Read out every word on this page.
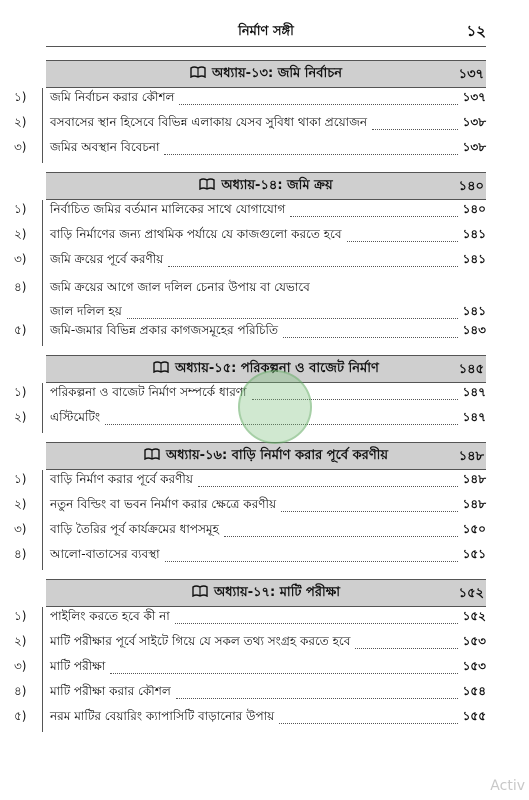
নির্মাণ সঙ্গী	১২
অধ্যায়-১৩: জমি নির্বাচন	১৩৭
১)	জমি নির্বাচন করার কৌশল	১৩৭
২)	বসবাসের স্থান হিসেবে বিভিন্ন এলাকায় যেসব সুবিধা থাকা প্রয়োজন	১৩৮
৩)	জমির অবস্থান বিবেচনা	১৩৮
অধ্যায়-১৪: জমি ক্রয়	১৪০
১)	নির্বাচিত জমির বর্তমান মালিকের সাথে যোগাযোগ	১৪০
২)	বাড়ি নির্মাণের জন্য প্রাথমিক পর্যায়ে যে কাজগুলো করতে হবে	১৪১
৩)	জমি ক্রয়ের পূর্বে করণীয়	১৪১
৪)	জমি ক্রয়ের আগে জাল দলিল চেনার উপায় বা যেভাবে
জাল দলিল হয়	১৪১
৫)	জমি-জমার বিভিন্ন প্রকার কাগজসমূহের পরিচিতি	১৪৩
অধ্যায়-১৫: পরিকল্পনা ও বাজেট নির্মাণ	১৪৫
১)	পরিকল্পনা ও বাজেট নির্মাণ সম্পর্কে ধারণা	১৪৭
২)	এস্টিমেটিং	১৪৭
অধ্যায়-১৬: বাড়ি নির্মাণ করার পূর্বে করণীয়	১৪৮
১)	বাড়ি নির্মাণ করার পূর্বে করণীয়	১৪৮
২)	নতুন বিল্ডিং বা ভবন নির্মাণ করার ক্ষেত্রে করণীয়	১৪৮
৩)	বাড়ি তৈরির পূর্ব কার্যক্রমের ধাপসমূহ	১৫০
৪)	আলো-বাতাসের ব্যবস্থা	১৫১
অধ্যায়-১৭: মাটি পরীক্ষা	১৫২
১)	পাইলিং করতে হবে কী না	১৫২
২)	মাটি পরীক্ষার পূর্বে সাইটে গিয়ে যে সকল তথ্য সংগ্রহ করতে হবে	১৫৩
৩)	মাটি পরীক্ষা	১৫৩
৪)	মাটি পরীক্ষা করার কৌশল	১৫৪
৫)	নরম মাটির বেয়ারিং ক্যাপাসিটি বাড়ানোর উপায়	১৫৫
Activ
